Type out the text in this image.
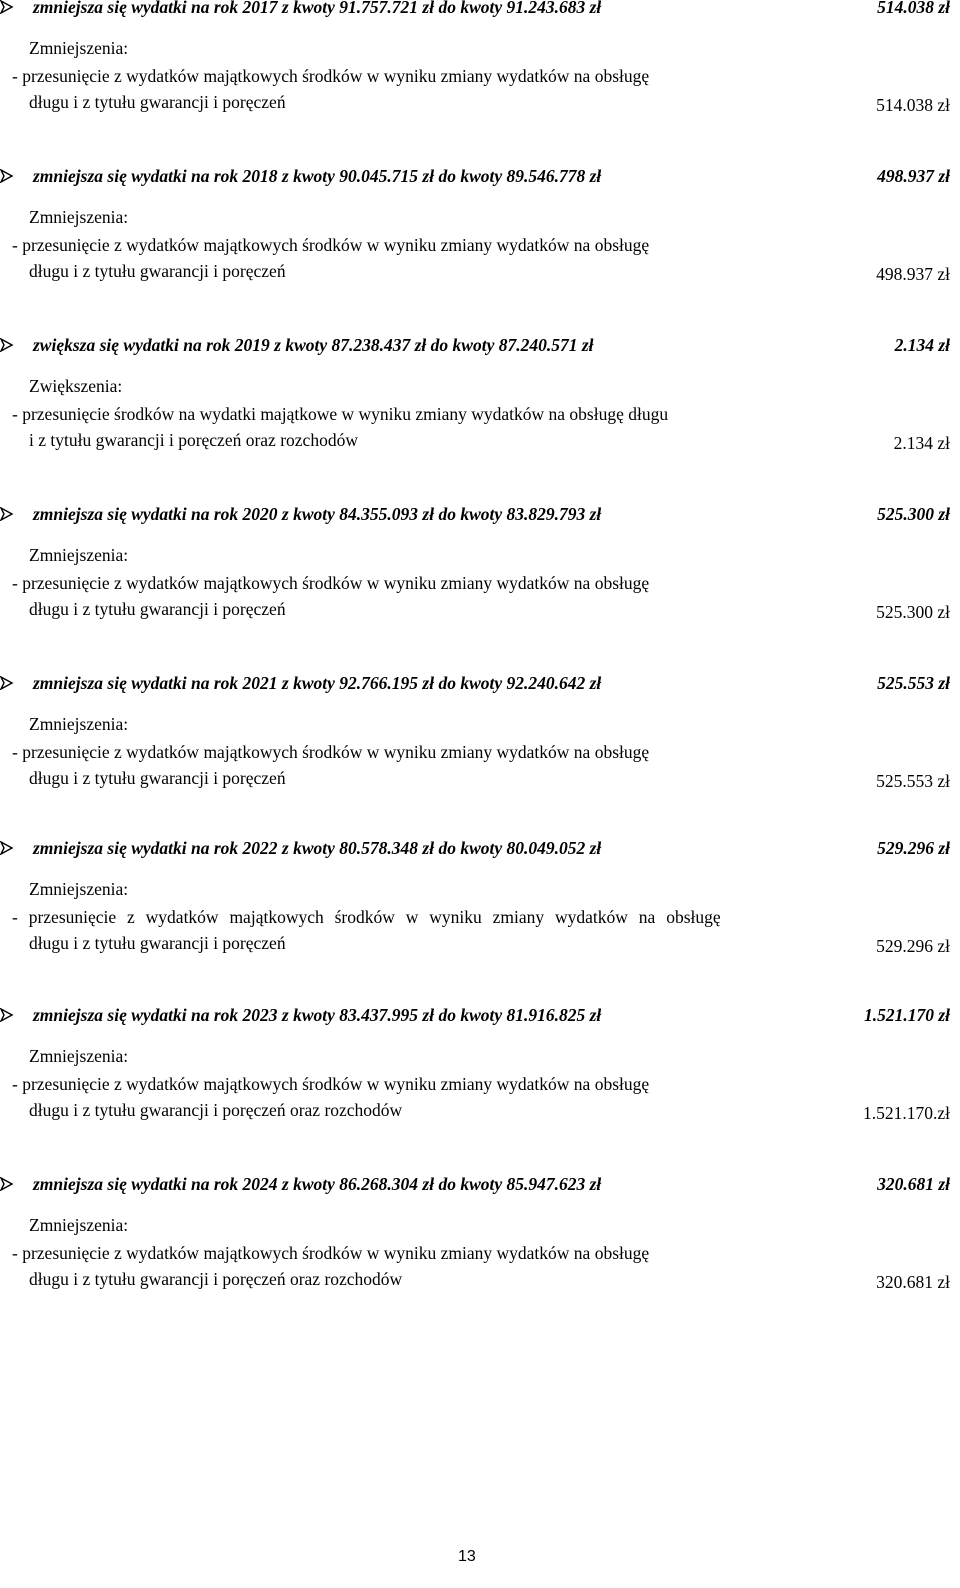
zmniejsza się wydatki na rok 2017 z kwoty 91.757.721 zł do kwoty 91.243.683 zł	514.038 zł
Zmniejszenia:
- przesunięcie z wydatków majątkowych środków w wyniku zmiany wydatków na obsługę
długu i z tytułu gwarancji i poręczeń	514.038 zł
zmniejsza się wydatki na rok 2018 z kwoty 90.045.715 zł do kwoty 89.546.778 zł	498.937 zł
Zmniejszenia:
- przesunięcie z wydatków majątkowych środków w wyniku zmiany wydatków na obsługę
długu i z tytułu gwarancji i poręczeń	498.937 zł
zwiększa się wydatki na rok 2019 z kwoty 87.238.437 zł do kwoty 87.240.571 zł	2.134 zł
Zwiększenia:
- przesunięcie środków na wydatki majątkowe w wyniku zmiany wydatków na obsługę długu
i z tytułu gwarancji i poręczeń oraz rozchodów	2.134 zł
zmniejsza się wydatki na rok 2020 z kwoty 84.355.093 zł do kwoty 83.829.793 zł	525.300 zł
Zmniejszenia:
- przesunięcie z wydatków majątkowych środków w wyniku zmiany wydatków na obsługę
długu i z tytułu gwarancji i poręczeń	525.300 zł
zmniejsza się wydatki na rok 2021 z kwoty 92.766.195 zł do kwoty 92.240.642 zł	525.553 zł
Zmniejszenia:
- przesunięcie z wydatków majątkowych środków w wyniku zmiany wydatków na obsługę
długu i z tytułu gwarancji i poręczeń	525.553 zł
zmniejsza się wydatki na rok 2022 z kwoty 80.578.348 zł do kwoty 80.049.052 zł	529.296 zł
Zmniejszenia:
- przesunięcie z wydatków majątkowych środków w wyniku zmiany wydatków na obsługę
długu i z tytułu gwarancji i poręczeń	529.296 zł
zmniejsza się wydatki na rok 2023 z kwoty 83.437.995 zł do kwoty 81.916.825 zł	1.521.170 zł
Zmniejszenia:
- przesunięcie z wydatków majątkowych środków w wyniku zmiany wydatków na obsługę
długu i z tytułu gwarancji i poręczeń oraz rozchodów	1.521.170.zł
zmniejsza się wydatki na rok 2024 z kwoty 86.268.304 zł do kwoty 85.947.623 zł	320.681 zł
Zmniejszenia:
- przesunięcie z wydatków majątkowych środków w wyniku zmiany wydatków na obsługę
długu i z tytułu gwarancji i poręczeń oraz rozchodów	320.681 zł
13
